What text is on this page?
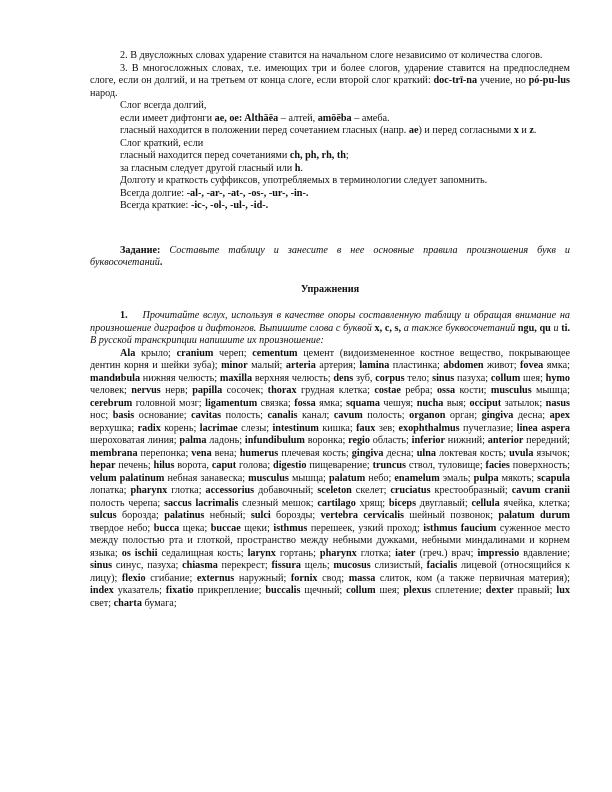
2. В двусложных словах ударение ставится на начальном слоге независимо от количества слогов.

3. В многосложных словах, т.е. имеющих три и более слогов, ударение ставится на предпоследнем слоге, если он долгий, и на третьем от конца слоге, если второй слог краткий: doc-trī-na учение, но pó-pu-lus народ.

Слог всегда долгий,

если имеет дифтонги ae, oe: Althāēa – алтей, amōēba – амеба.

гласный находится в положении перед сочетанием гласных (напр. ae) и перед согласными x и z.

Слог краткий, если

гласный находится перед сочетаниями ch, ph, rh, th;

за гласным следует другой гласный или h.

Долготу и краткость суффиксов, употребляемых в терминологии следует запомнить.

Всегда долгие: -al-, -ar-, -at-, -os-, -ur-, -in-.

Всегда краткие: -ic-, -ol-, -ul-, -id-.

Задание: Составьте таблицу и занесите в нее основные правила произношения букв и буквосочетаний.

Упражнения

1. Прочитайте вслух, используя в качестве опоры составленную таблицу и обращая внимание на произношение диграфов и дифтонгов. Выпишите слова с буквой x, c, s, а также буквосочетаний ngu, qu и ti. В русской транскрипции напишите их произношение:

Ala крыло; cranium череп; cementum цемент (видоизмененное костное вещество, покрывающее дентин корня и шейки зуба); minor малый; arteria артерия; lamina пластинка; abdomen живот; fovea ямка; mandиbula нижняя челюсть; maxilla верхняя челюсть; dens зуб, corpus тело; sinus пазуха; collum шея; hymo человек; nervus нерв; papilla сосочек; thorax грудная клетка; costae ребра; ossa кости; musculus мышца; cerebrum головной мозг; ligamentum связка; fossa ямка; squama чешуя; nucha выя; occiput затылок; nasus нос; basis основание; cavitas полость; canalis канал; cavum полость; organon орган; gingiva десна; apex верхушка; radix корень; lacrimae слезы; intestinum кишка; faux зев; exophthalmus пучеглазие; linea aspera шероховатая линия; palma ладонь; infundibulum воронка; regio область; inferior нижний; anterior передний; membrana перепонка; vena вена; humerus плечевая кость; gingiva десна; ulna локтевая кость; uvula язычок; hepar печень; hilus ворота, caput голова; digestio пищеварение; truncus ствол, туловище; facies поверхность; velum palatinum небная занавеска; musculus мышца; palatum небо; enamelum эмаль; pulpa мякоть; scapula лопатка; pharynx глотка; accessorius добавочный; sceleton скелет; cruciatus крестообразный; cavum cranii полость черепа; saccus lacrimalis слезный мешок; cartilago хрящ; biceps двуглавый; cellula ячейка, клетка; sulcus борозда; palatinus небный; sulci борозды; vertebra cervicalis шейный позвонок; palatum durum твердое небо; bucca щека; buccae щеки; isthmus перешеек, узкий проход; isthmus faucium суженное место между полостью рта и глоткой, пространство между небными дужками, небными миндалинами и корнем языка; os ischii седалищная кость; larynx гортань; pharynx глотка; iater (греч.) врач; impressio вдавление; sinus синус, пазуха; chiasma перекрест; fissura щель; mucosus слизистый, facialis лицевой (относящийся к лицу); flexio сгибание; externus наружный; fornix свод; massa слиток, ком (а также первичная материя); index указатель; fixatio прикрепление; buccalis щечный; collum шея; plexus сплетение; dexter правый; lux свет; charta бумага;
